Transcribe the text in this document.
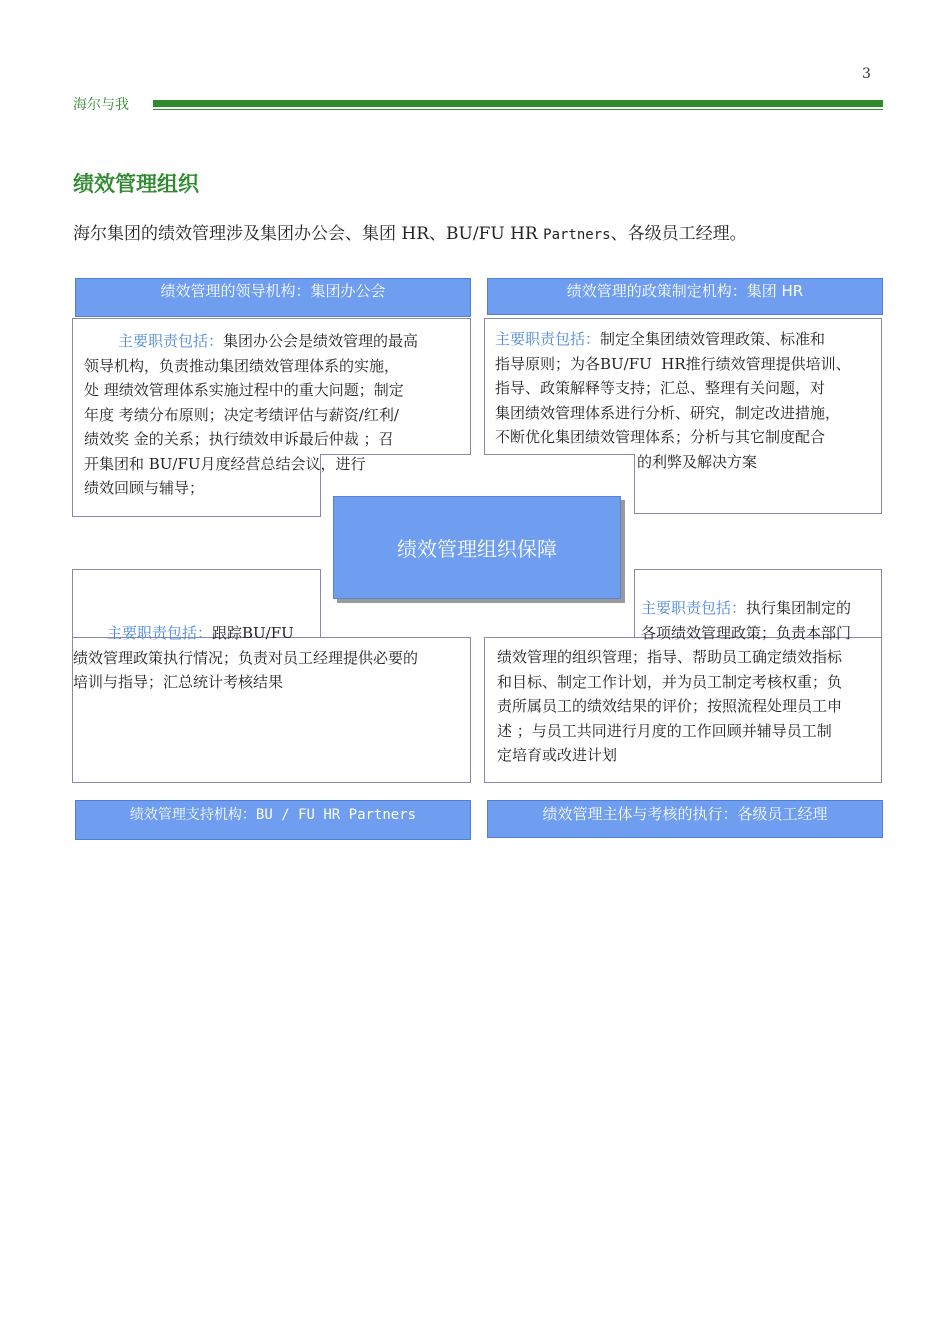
3
海尔与我
绩效管理组织
海尔集团的绩效管理涉及集团办公会、集团 HR、BU/FU HR Partners、各级员工经理。
绩效管理的领导机构：集团办公会	绩效管理的政策制定机构：集团 HR
绩效管理支持机构：BU / FU HR Partners	绩效管理主体与考核的执行：各级员工经理
主要职责包括：集团办公会是绩效管理的最高
领导机构，负责推动集团绩效管理体系的实施，
处 理绩效管理体系实施过程中的重大问题；制定
年度 考绩分布原则；决定考绩评估与薪资/红利/
绩效奖 金的关系；执行绩效申诉最后仲裁 ；召
开集团和 BU/FU月度经营总结会议，进行
绩效回顾与辅导；
主要职责包括：制定全集团绩效管理政策、标准和
指导原则；为各BU/FU  HR推行绩效管理提供培训、
指导、政策解释等支持；汇总、整理有关问题，对
集团绩效管理体系进行分析、研究，制定改进措施，
不断优化集团绩效管理体系；分析与其它制度配合
的利弊及解决方案
绩效管理组织保障
主要职责包括：跟踪BU/FU
绩效管理政策执行情况；负责对员工经理提供必要的
培训与指导；汇总统计考核结果
主要职责包括：执行集团制定的
各项绩效管理政策；负责本部门
绩效管理的组织管理；指导、帮助员工确定绩效指标
和目标、制定工作计划，并为员工制定考核权重；负
责所属员工的绩效结果的评价；按照流程处理员工申
述 ；与员工共同进行月度的工作回顾并辅导员工制
定培育或改进计划
